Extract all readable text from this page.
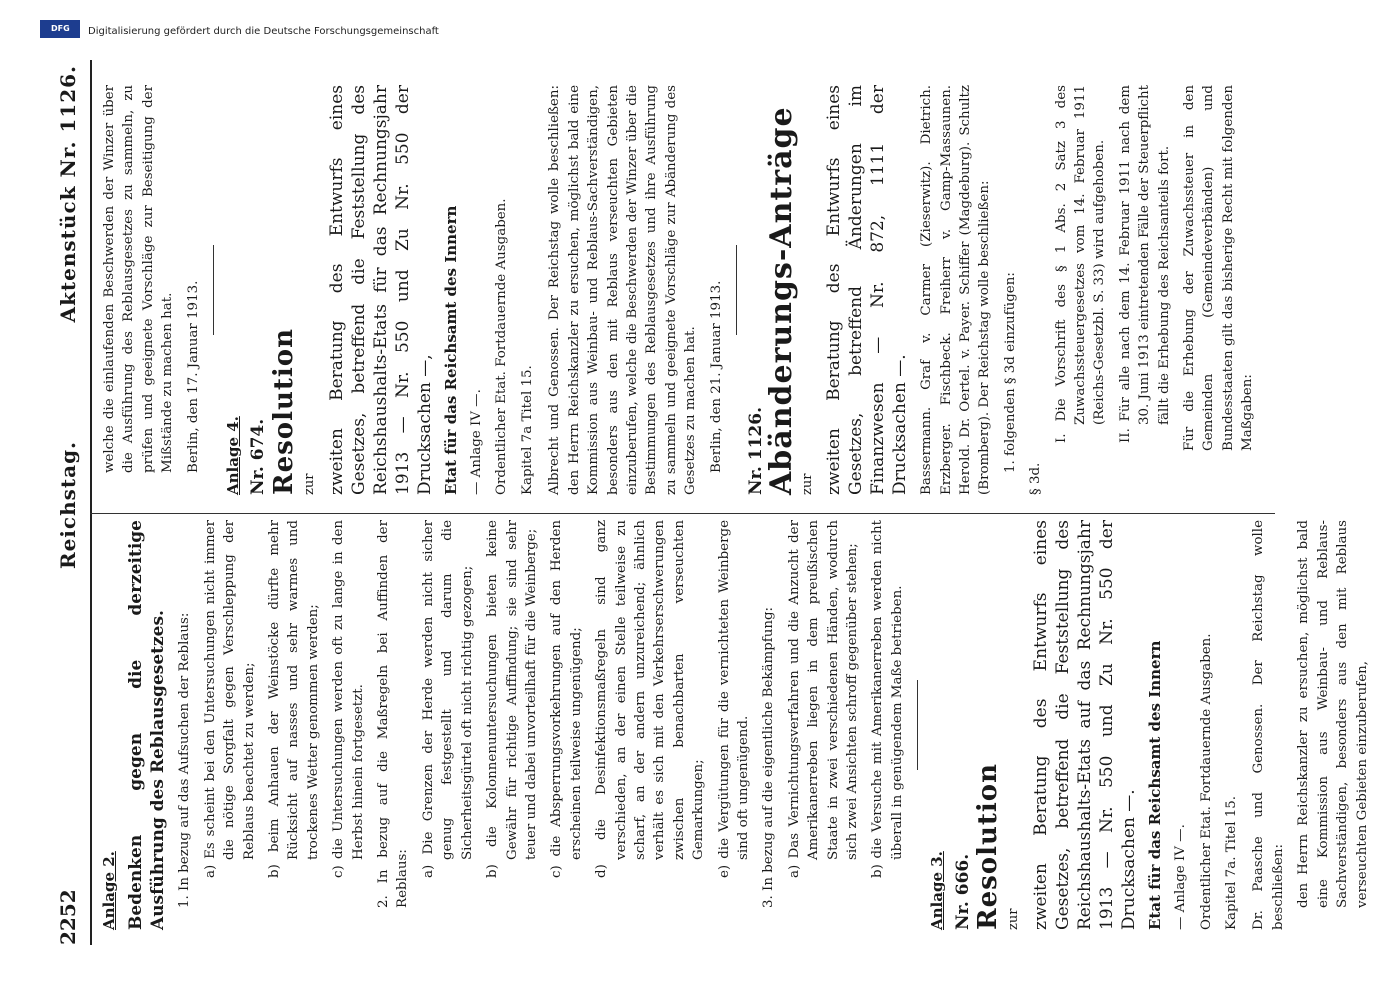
2252
Reichstag.
Aktenstück Nr. 1126.

Anlage 2. Bedenken gegen die derzeitige Ausführung des Reblausgesetzes. 1. In bezug auf das Aufsuchen der Reblaus: a) Es scheint bei den Untersuchungen nicht immer die nötige Sorgfalt gegen Verschleppung der Reblaus beachtet zu werden; b) beim Anhauen der Weinstöcke dürfte mehr Rücksicht auf nasses und sehr warmes und trockenes Wetter genommen werden; c) die Untersuchungen werden oft zu lange in den Herbst hinein fortgesetzt. 2. In bezug auf die Maßregeln bei Auffinden der Reblaus:

a) Die Grenzen der Herde werden nicht sicher genug festgestellt und darum die Sicherheitsgürtel oft nicht richtig gezogen; b) die Kolonnenuntersuchungen bieten keine Gewähr für richtige Auffindung; sie sind sehr teuer und dabei unvorteilhaft für die Weinberge; c) die Absperrungsvorkehrungen auf den Herden erscheinen teilweise ungenügend; d) die Desinfektionsmaßregeln sind ganz verschieden, an der einen Stelle teilweise zu scharf, an der andern unzureichend; ähnlich verhält es sich mit den Verkehrserschwerungen zwischen benachbarten verseuchten Gemarkungen; e) die Vergütungen für die vernichteten Weinberge sind oft ungenügend. 3. In bezug auf die eigentliche Bekämpfung: a) Das Vernichtungsverfahren und die Anzucht der Amerikanerreben liegen in dem preußischen Staate in zwei verschiedenen Händen, wodurch sich zwei Ansichten schroff gegenüber stehen; b) die Versuche mit Amerikanerreben werden nicht überall in genügendem Maße betrieben.

Anlage 3. Nr. 666. Resolution zur zweiten Beratung des Entwurfs eines Gesetzes, betreffend die Feststellung des Reichshaushalts-Etats auf das Rechnungsjahr 1913 — Nr. 550 und Zu Nr. 550 der Drucksachen —. Etat für das Reichsamt des Innern — Anlage IV —. Ordentlicher Etat. Fortdauernde Ausgaben. Kapitel 7a. Titel 15. Dr. Paasche und Genossen. Der Reichstag wolle beschließen: den Herrn Reichskanzler zu ersuchen, möglichst bald eine Kommission aus Weinbau- und Reblaus-Sachverständigen, besonders aus den mit Reblaus verseuchten Gebieten einzuberufen,

welche die einlaufenden Beschwerden der Winzer über die Ausführung des Reblausgesetzes zu sammeln, zu prüfen und geeignete Vorschläge zur Beseitigung der Mißstände zu machen hat. Berlin, den 17. Januar 1913. Anlage 4. Nr. 674. Resolution zur zweiten Beratung des Entwurfs eines Gesetzes, betreffend die Feststellung des Reichshaushalts-Etats für das Rechnungsjahr 1913 — Nr. 550 und Zu Nr. 550 der Drucksachen —, Etat für das Reichsamt des Innern — Anlage IV —. Ordentlicher Etat. Fortdauernde Ausgaben. Kapitel 7a Titel 15. Albrecht und Genossen. Der Reichstag wolle beschließen: den Herrn Reichskanzler zu ersuchen, möglichst bald eine Kommission aus Weinbau- und Reblaus-Sachverständigen, besonders aus den mit Reblaus verseuchten Gebieten einzuberufen, welche die Beschwerden der Winzer über die Bestimmungen des Reblausgesetzes und ihre Ausführung zu sammeln und geeignete Vorschläge zur Abänderung des Gesetzes zu machen hat. Berlin, den 21. Januar 1913. Nr. 1126.

Abänderungs-Anträge zur zweiten Beratung des Entwurfs eines Gesetzes, betreffend Änderungen im Finanzwesen — Nr. 872, 1111 der Drucksachen —. Bassermann. Graf v. Carmer (Zieserwitz). Dietrich. Erzberger. Fischbeck. Freiherr v. Gamp-Massaunen. Herold. Dr. Oertel. v. Payer. Schiffer (Magdeburg). Schultz (Bromberg). Der Reichstag wolle beschließen: 1. folgenden § 3d einzufügen:

§ 3d.

I. Die Vorschrift des § 1 Abs. 2 Satz 3 des Zuwachssteuergesetzes vom 14. Februar 1911 (Reichs-Gesetzbl. S. 33) wird aufgehoben. II. Für alle nach dem 14. Februar 1911 nach dem 30. Juni 1913 eintretenden Fälle der Steuerpflicht fällt die Erhebung des Reichsanteils fort. Für die Erhebung der Zuwachssteuer in den Gemeinden (Gemeindeverbänden) und Bundesstaaten gilt das bisherige Recht mit folgenden Maßgaben:

DFG	Digitalisierung gefördert durch die Deutsche Forschungsgemeinschaft
